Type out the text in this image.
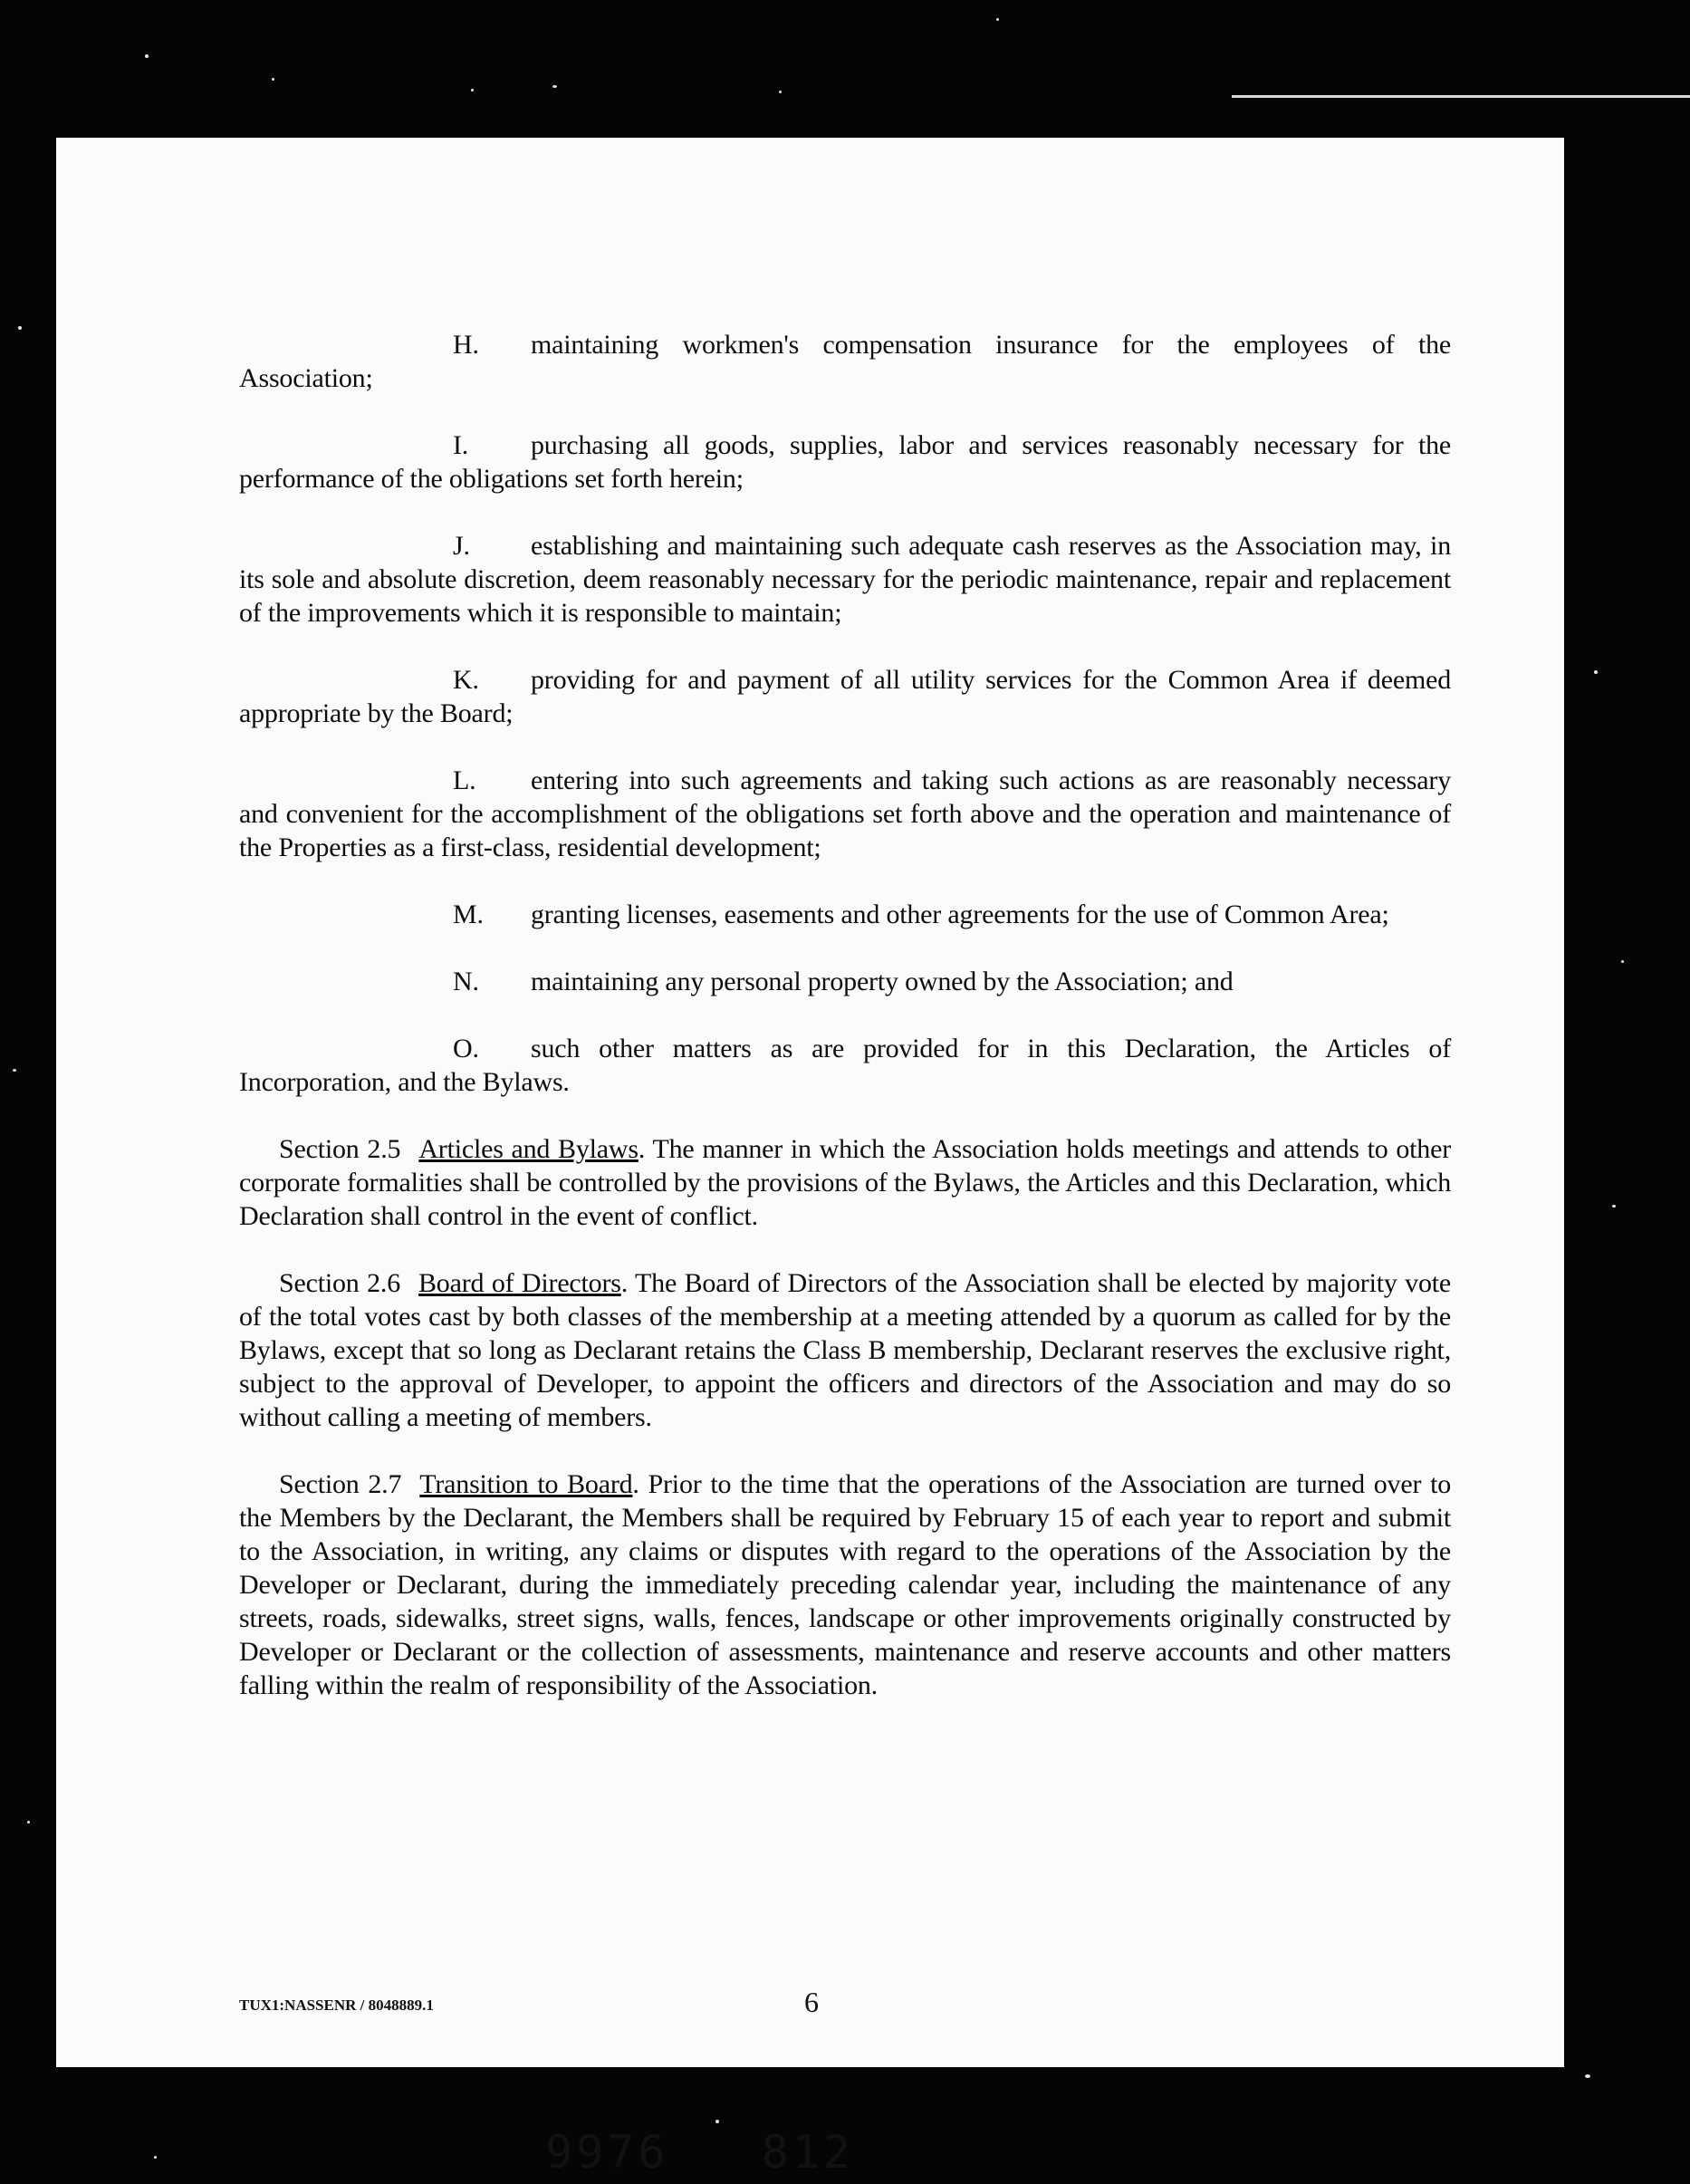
H. maintaining workmen's compensation insurance for the employees of the Association;

I. purchasing all goods, supplies, labor and services reasonably necessary for the performance of the obligations set forth herein;

J. establishing and maintaining such adequate cash reserves as the Association may, in its sole and absolute discretion, deem reasonably necessary for the periodic maintenance, repair and replacement of the improvements which it is responsible to maintain;

K. providing for and payment of all utility services for the Common Area if deemed appropriate by the Board;

L. entering into such agreements and taking such actions as are reasonably necessary and convenient for the accomplishment of the obligations set forth above and the operation and maintenance of the Properties as a first-class, residential development;

M. granting licenses, easements and other agreements for the use of Common Area;

N. maintaining any personal property owned by the Association; and

O. such other matters as are provided for in this Declaration, the Articles of Incorporation, and the Bylaws.

Section 2.5 Articles and Bylaws. The manner in which the Association holds meetings and attends to other corporate formalities shall be controlled by the provisions of the Bylaws, the Articles and this Declaration, which Declaration shall control in the event of conflict.

Section 2.6 Board of Directors. The Board of Directors of the Association shall be elected by majority vote of the total votes cast by both classes of the membership at a meeting attended by a quorum as called for by the Bylaws, except that so long as Declarant retains the Class B membership, Declarant reserves the exclusive right, subject to the approval of Developer, to appoint the officers and directors of the Association and may do so without calling a meeting of members.

Section 2.7 Transition to Board. Prior to the time that the operations of the Association are turned over to the Members by the Declarant, the Members shall be required by February 15 of each year to report and submit to the Association, in writing, any claims or disputes with regard to the operations of the Association by the Developer or Declarant, during the immediately preceding calendar year, including the maintenance of any streets, roads, sidewalks, street signs, walls, fences, landscape or other improvements originally constructed by Developer or Declarant or the collection of assessments, maintenance and reserve accounts and other matters falling within the realm of responsibility of the Association.

TUX1:NASSENR / 8048889.1	6
9976   812
